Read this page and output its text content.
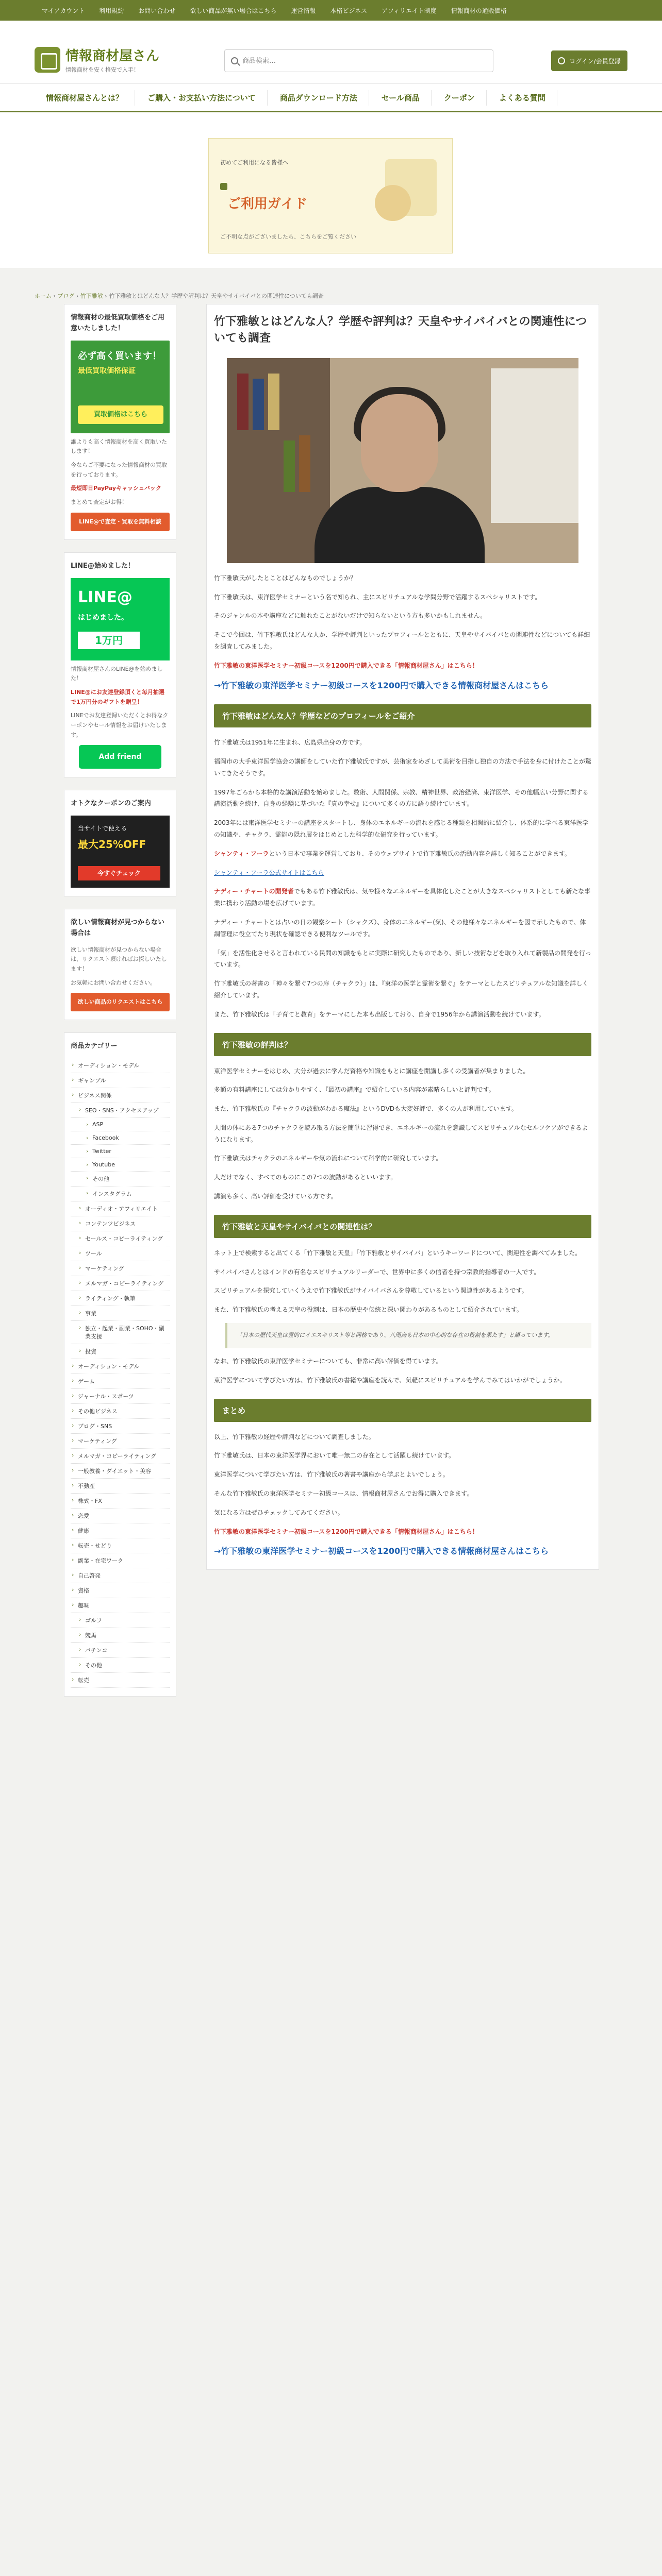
マイアカウント	利用規約	お問い合わせ	欲しい商品が無い場合はこちら	運営情報	本格ビジネス	アフィリエイト制度	情報商材の通販価格
情報商材屋さん
情報商材を安く格安で入手！
商品検索…
ログイン/会員登録
情報商材屋さんとは？	ご購入・お支払い方法について	商品ダウンロード方法	セール商品	クーポン	よくある質問
初めてご利用になる皆様へ
ご利用ガイド
ご不明な点がございましたら、こちらをご覧ください
ホーム › ブログ › 竹下雅敏 › 竹下雅敏とはどんな人？学歴や評判は？天皇やサイバイバとの関連性についても調査
情報商材の最低買取価格をご用意いたしました！
必ず高く買います！
最低買取価格保証
買取価格はこちら

誰よりも高く情報商材を高く買取いたします！

今ならご不要になった情報商材の買取を行っております。

最短即日PayPayキャッシュバック

まとめて査定がお得！

LINE@で査定・買取を無料相談
LINE@始めました！
LINE@
はじめました。
1万円

情報商材屋さんのLINE@を始めました！

LINE@にお友達登録頂くと毎月抽選で1万円分のギフトを贈呈！

LINEでお友達登録いただくとお得なクーポンやセール情報をお届けいたします。

Add friend
オトクなクーポンのご案内
当サイトで使える
最大25%OFF
今すぐチェック
欲しい情報商材が見つからない場合は

欲しい情報商材が見つからない場合は、リクエスト頂ければお探しいたします！

お気軽にお問い合わせください。

欲しい商品のリクエストはこちら
商品カテゴリー
› オーディション・モデル
› ギャンブル
› ビジネス関係
› SEO・SNS・アクセスアップ
› ASP
› Facebook
› Twitter
› Youtube
› その他
› インスタグラム
› オーディオ・アフィリエイト
› コンテンツビジネス
› セールス・コピーライティング
› ツール
› マーケティング
› メルマガ・コピーライティング
› ライティング・執筆
› 事業
› 独立・起業・副業・SOHO・副業支援
› 投資
› オーディション・モデル
› ゲーム
› ジャーナル・スポーツ
› その他ビジネス
› ブログ・SNS
› マーケティング
› メルマガ・コピーライティング
› 一般教養・ダイエット・美容
› 不動産
› 株式・FX
› 恋愛
› 健康
› 転売・せどり
› 副業・在宅ワーク
› 自己啓発
› 資格
› 趣味
› ゴルフ
› 競馬
› パチンコ
› その他
› 転売
竹下雅敏とはどんな人？学歴や評判は？天皇やサイバイバとの関連性についても調査

竹下雅敏氏がしたとことはどんなものでしょうか？

竹下雅敏氏は、東洋医学セミナーという名で知られ、主にスピリチュアルな学問分野で活躍するスペシャリストです。

そのジャンルの本や講座などに触れたことがないだけで知らないという方も多いかもしれません。

そこで今回は、竹下雅敏氏はどんな人か、学歴や評判といったプロフィールとともに、天皇やサイバイバとの関連性などについても詳細を調査してみました。

竹下雅敏の東洋医学セミナー初級コースを1200円で購入できる「情報商材屋さん」はこちら！

→竹下雅敏の東洋医学セミナー初級コースを1200円で購入できる情報商材屋さんはこちら
竹下雅敏はどんな人？学歴などのプロフィールをご紹介

竹下雅敏氏は1951年に生まれ、広島県出身の方です。

福岡市の大手東洋医学協会の講師をしていた竹下雅敏氏ですが、芸術家をめざして美術を目指し独自の方法で手法を身に付けたことが驚いてきたそうです。

1997年ごろから本格的な講演活動を始めました。数術、人間関係、宗教、精神世界、政治経済、東洋医学、その他幅広い分野に関する講演活動を続け、自身の経験に基づいた『真の幸せ』について多くの方に語り続けています。

2003年には東洋医学セミナーの講座をスタートし、身体のエネルギーの流れを感じる種類を相関的に紹介し、体系的に学べる東洋医学の知識や、チャクラ、霊能の隠れ層をはじめとした科学的な研究を行っています。

シャンティ・フーラという日本で事業を運営しており、そのウェブサイトで竹下雅敏氏の活動内容を詳しく知ることができます。

シャンティ・フーラ公式サイトはこちら

ナディー・チャートの開発者でもある竹下雅敏氏は、気や様々なエネルギーを具体化したことが大きなスペシャリストとしても新たな事業に携わり活動の場を広げています。

ナディー・チャートとは占いの日の観察シート（シャクズ）、身体のエネルギー(気)、その他様々なエネルギーを図で示したもので、体調管理に役立てたり現状を確認できる便利なツールです。

「気」を活性化させると言われている民間の知識をもとに実際に研究したものであり、新しい技術などを取り入れて新製品の開発を行っています。

竹下雅敏氏の著書の「神々を繋ぐ7つの扉（チャクラ）」は、『東洋の医学と霊術を繋ぐ』をテーマとしたスピリチュアルな知識を詳しく紹介しています。

また、竹下雅敏氏は「子育てと教育」をテーマにした本も出版しており、自身で1956年から講演活動を続けています。

竹下雅敏の評判は？

東洋医学セミナーをはじめ、大分が過去に学んだ資格や知識をもとに講座を開講し多くの受講者が集まりました。

多額の有料講座にしては分かりやすく、『最初の講座』で紹介している内容が素晴らしいと評判です。

また、竹下雅敏氏の『チャクラの波動がわかる魔法』というDVDも大変好評で、多くの人が利用しています。

人間の体にある7つのチャクラを読み取る方法を簡単に習得でき、エネルギーの流れを意識してスピリチュアルなセルフケアができるようになります。

竹下雅敏氏はチャクラのエネルギーや気の流れについて科学的に研究しています。

人だけでなく、すべてのものにこの7つの波動があるといいます。

講演も多く、高い評価を受けている方です。

竹下雅敏と天皇やサイバイバとの関連性は？

ネット上で検索すると出てくる「竹下雅敏と天皇」「竹下雅敏とサイバイバ」というキーワードについて、関連性を調べてみました。

サイバイバさんとはインドの有名なスピリチュアルリーダーで、世界中に多くの信者を持つ宗教的指導者の一人です。

スピリチュアルを探究していくうえで竹下雅敏氏がサイバイバさんを尊敬しているという関連性があるようです。

また、竹下雅敏氏の考える天皇の役割は、日本の歴史や伝統と深い関わりがあるものとして紹介されています。

「日本の歴代天皇は霊的にイエスキリスト等と同格であり、八咫烏も日本の中心的な存在の役割を果たす」と語っています。

なお、竹下雅敏氏の東洋医学セミナーについても、非常に高い評価を得ています。

東洋医学について学びたい方は、竹下雅敏氏の書籍や講座を読んで、気軽にスピリチュアルを学んでみてはいかがでしょうか。

まとめ

以上、竹下雅敏の経歴や評判などについて調査しました。

竹下雅敏氏は、日本の東洋医学界において唯一無二の存在として活躍し続けています。

東洋医学について学びたい方は、竹下雅敏氏の著書や講座から学ぶとよいでしょう。

そんな竹下雅敏氏の東洋医学セミナー初級コースは、情報商材屋さんでお得に購入できます。

気になる方はぜひチェックしてみてください。

竹下雅敏の東洋医学セミナー初級コースを1200円で購入できる「情報商材屋さん」はこちら！

→竹下雅敏の東洋医学セミナー初級コースを1200円で購入できる情報商材屋さんはこちら
